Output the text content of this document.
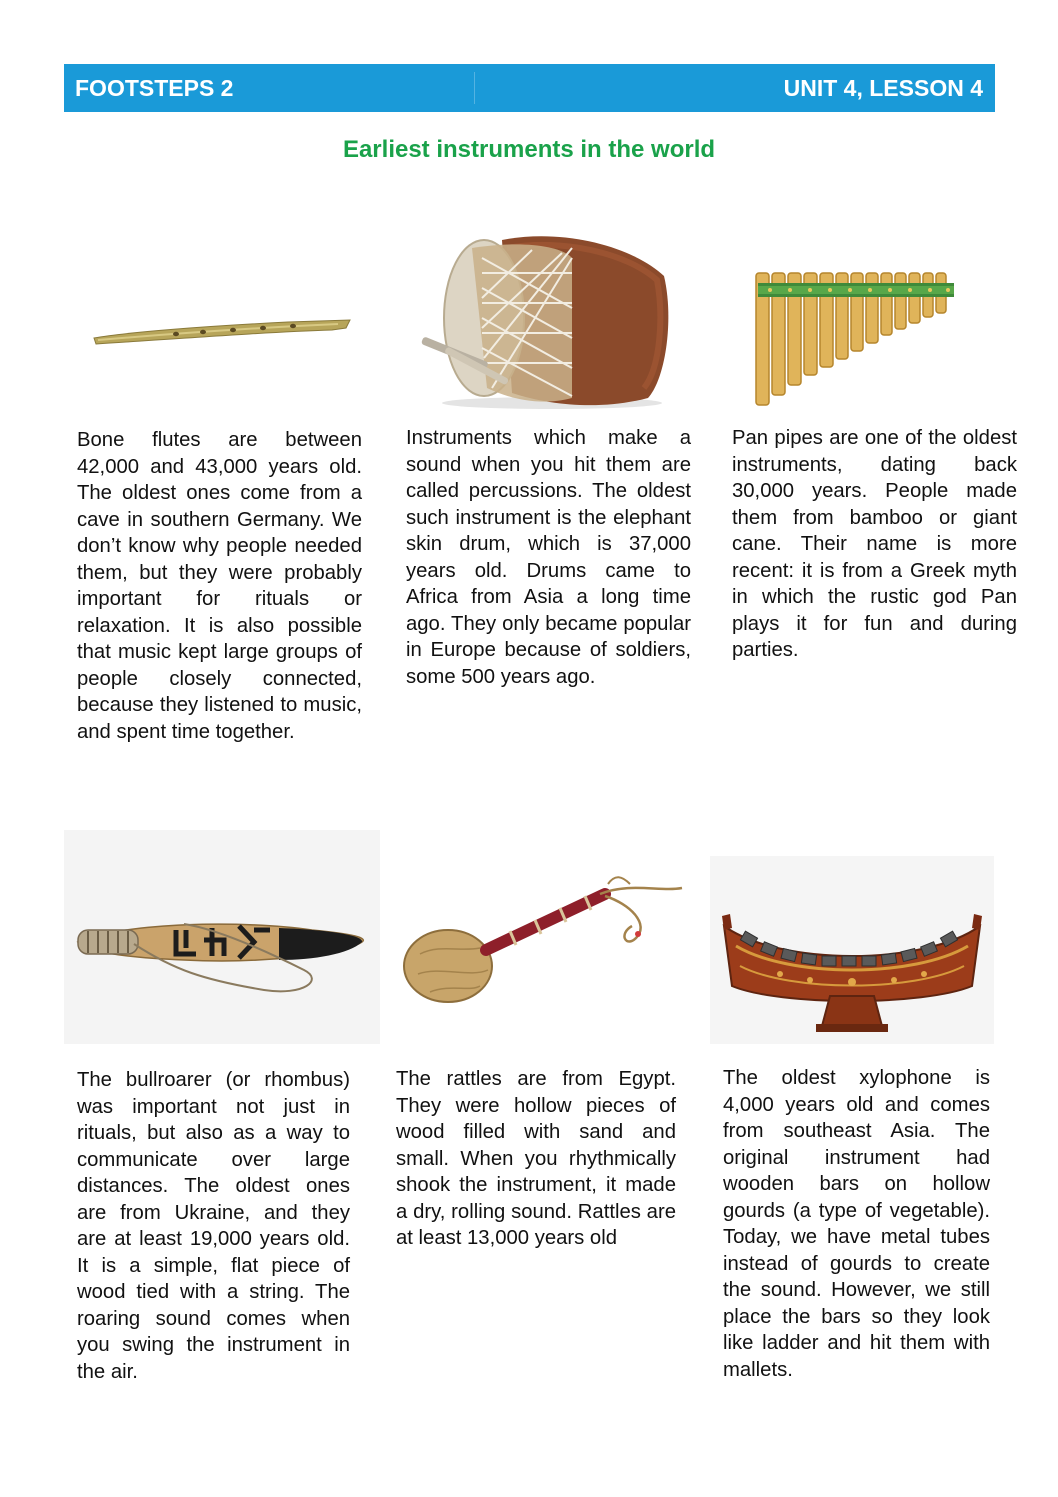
FOOTSTEPS 2	UNIT 4, LESSON 4
Earliest instruments in the world

Bone flutes are between 42,000 and 43,000 years old. The oldest ones come from a cave in southern Germany. We don’t know why people needed them, but they were probably important for rituals or relaxation. It is also possible that music kept large groups of people closely connected, because they listened to music, and spent time together.

Instruments which make a sound when you hit them are called percussions. The oldest such instrument is the elephant skin drum, which is 37,000 years old. Drums came to Africa from Asia a long time ago. They only became popular in Europe because of soldiers, some 500 years ago.

Pan pipes are one of the oldest instruments, dating back 30,000 years. People made them from bamboo or giant cane. Their name is more recent: it is from a Greek myth in which the rustic god Pan plays it for fun and during parties.

The bullroarer (or rhombus) was important not just in rituals, but also as a way to communicate over large distances. The oldest ones are from Ukraine, and they are at least 19,000 years old. It is a simple, flat piece of wood tied with a string. The roaring sound comes when you swing the instrument in the air.

The rattles are from Egypt. They were hollow pieces of wood filled with sand and small. When you rhythmically shook the instrument, it made a dry, rolling sound. Rattles are at least 13,000 years old

The oldest xylophone is 4,000 years old and comes from southeast Asia. The original instrument had wooden bars on hollow gourds (a type of vegetable). Today, we have metal tubes instead of gourds to create the sound. However, we still place the bars so they look like ladder and hit them with mallets.
